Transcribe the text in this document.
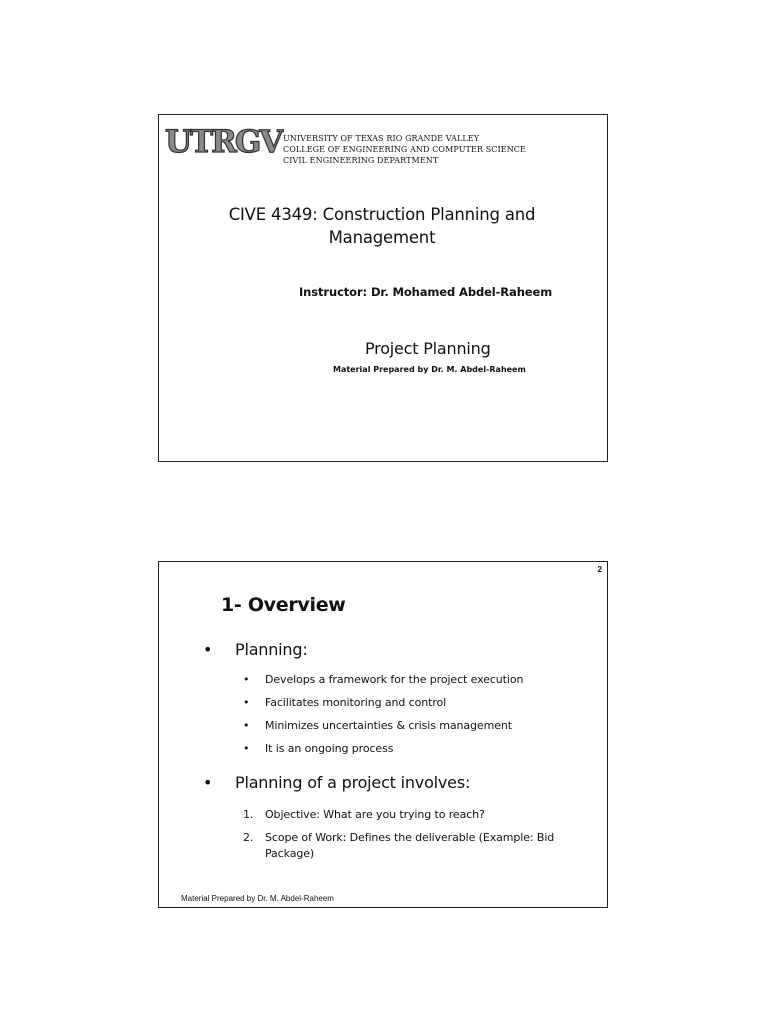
UTRGV UNIVERSITY OF TEXAS RIO GRANDE VALLEY
COLLEGE OF ENGINEERING AND COMPUTER SCIENCE
CIVIL ENGINEERING DEPARTMENT
CIVE 4349: Construction Planning and
Management
Instructor: Dr. Mohamed Abdel-Raheem
Project Planning
Material Prepared by Dr. M. Abdel-Raheem
2
1- Overview
• Planning:
• Develops a framework for the project execution
• Facilitates monitoring and control
• Minimizes uncertainties & crisis management
• It is an ongoing process
• Planning of a project involves:
1.	Objective: What are you trying to reach?
2.	Scope of Work: Defines the deliverable (Example: Bid Package)
Material Prepared by Dr. M. Abdel-Raheem
